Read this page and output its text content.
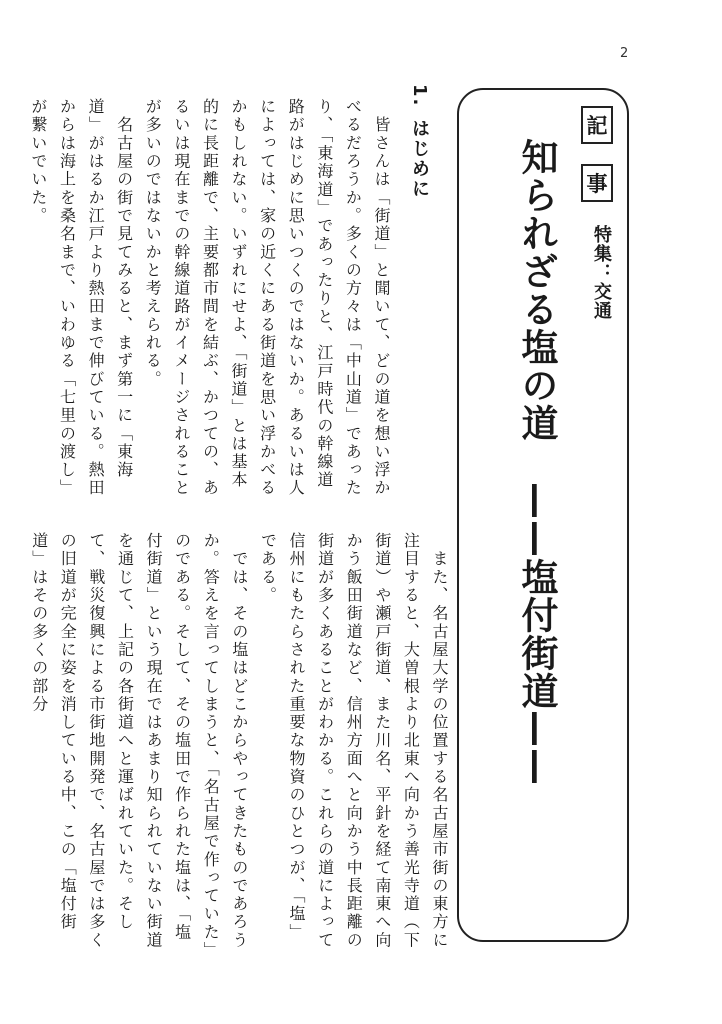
2
記
事
特集：交通
知られざる塩の道
——塩付街道——
1.はじめに

　皆さんは「街道」と聞いて、どの道を想い浮かべるだろうか。多くの方々は「中山道」であったり、「東海道」であったりと、江戸時代の幹線道路がはじめに思いつくのではないか。あるいは人によっては、家の近くにある街道を思い浮かべるかもしれない。いずれにせよ、「街道」とは基本的に長距離で、主要都市間を結ぶ、かつての、あるいは現在までの幹線道路がイメージされることが多いのではないかと考えられる。

　名古屋の街で見てみると、まず第一に「東海道」がはるか江戸より熱田まで伸びている。熱田からは海上を桑名まで、いわゆる「七里の渡し」が繋いでいた。

　また、名古屋大学の位置する名古屋市街の東方に注目すると、大曽根より北東へ向かう善光寺道（下街道）や瀬戸街道、また川名、平針を経て南東へ向かう飯田街道など、信州方面へと向かう中長距離の街道が多くあることがわかる。これらの道によって信州にもたらされた重要な物資のひとつが、「塩」である。

　では、その塩はどこからやってきたものであろうか。答えを言ってしまうと、「名古屋で作っていた」のである。そして、その塩田で作られた塩は、「塩付街道」という現在ではあまり知られていない街道を通じて、上記の各街道へと運ばれていた。そして、戦災復興による市街地開発で、名古屋では多くの旧道が完全に姿を消している中、この「塩付街道」はその多くの部分
